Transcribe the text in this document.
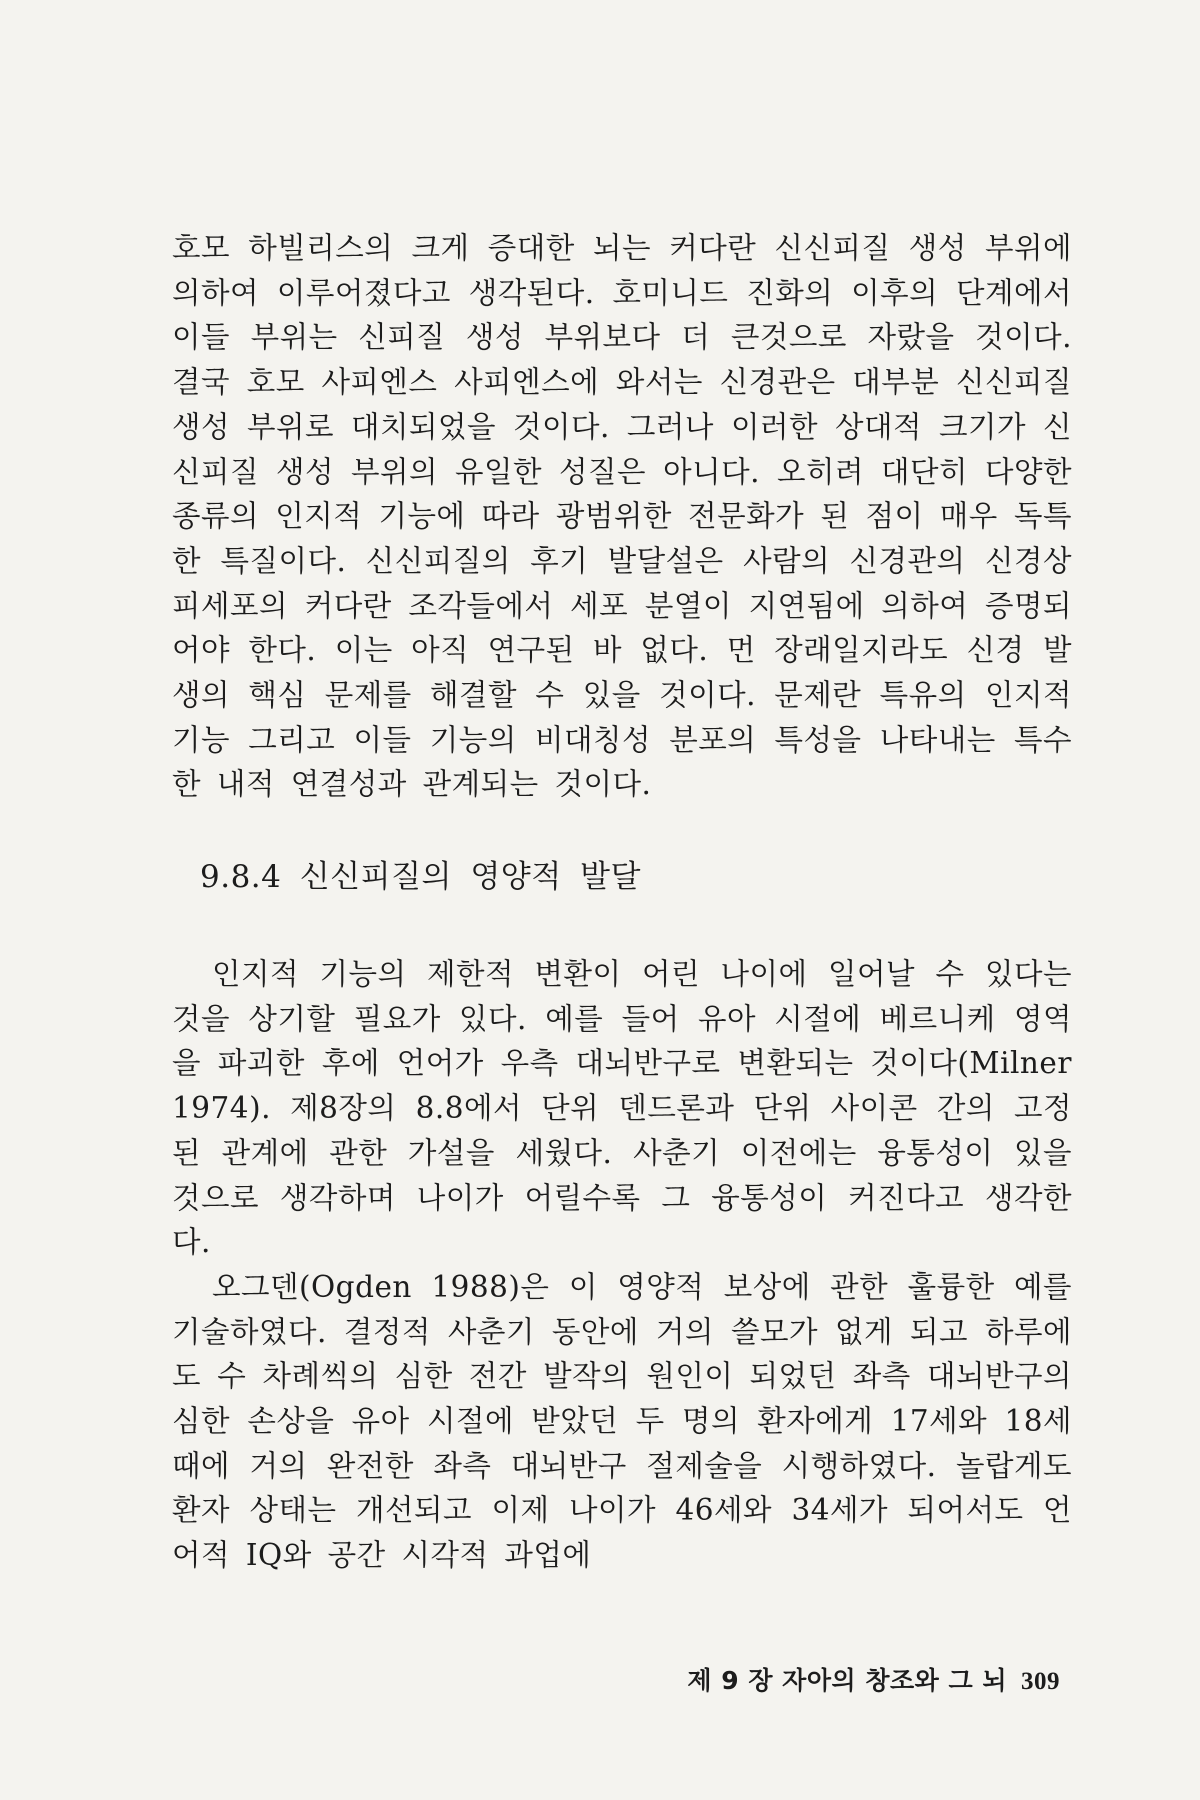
호모 하빌리스의 크게 증대한 뇌는 커다란 신신피질 생성 부위에 의하여 이루어졌다고 생각된다. 호미니드 진화의 이후의 단계에서 이들 부위는 신피질 생성 부위보다 더 큰것으로 자랐을 것이다. 결국 호모 사피엔스 사피엔스에 와서는 신경관은 대부분 신신피질 생성 부위로 대치되었을 것이다. 그러나 이러한 상대적 크기가 신신피질 생성 부위의 유일한 성질은 아니다. 오히려 대단히 다양한 종류의 인지적 기능에 따라 광범위한 전문화가 된 점이 매우 독특한 특질이다. 신신피질의 후기 발달설은 사람의 신경관의 신경상피세포의 커다란 조각들에서 세포 분열이 지연됨에 의하여 증명되어야 한다. 이는 아직 연구된 바 없다. 먼 장래일지라도 신경 발생의 핵심 문제를 해결할 수 있을 것이다. 문제란 특유의 인지적 기능 그리고 이들 기능의 비대칭성 분포의 특성을 나타내는 특수한 내적 연결성과 관계되는 것이다.

9.8.4 신신피질의 영양적 발달

인지적 기능의 제한적 변환이 어린 나이에 일어날 수 있다는 것을 상기할 필요가 있다. 예를 들어 유아 시절에 베르니케 영역을 파괴한 후에 언어가 우측 대뇌반구로 변환되는 것이다(Milner 1974). 제8장의 8.8에서 단위 덴드론과 단위 사이콘 간의 고정된 관계에 관한 가설을 세웠다. 사춘기 이전에는 융통성이 있을 것으로 생각하며 나이가 어릴수록 그 융통성이 커진다고 생각한다.

오그덴(Ogden 1988)은 이 영양적 보상에 관한 훌륭한 예를 기술하였다. 결정적 사춘기 동안에 거의 쓸모가 없게 되고 하루에도 수 차례씩의 심한 전간 발작의 원인이 되었던 좌측 대뇌반구의 심한 손상을 유아 시절에 받았던 두 명의 환자에게 17세와 18세 때에 거의 완전한 좌측 대뇌반구 절제술을 시행하였다. 놀랍게도 환자 상태는 개선되고 이제 나이가 46세와 34세가 되어서도 언어적 IQ와 공간 시각적 과업에

제 9 장 자아의 창조와 그 뇌 309
